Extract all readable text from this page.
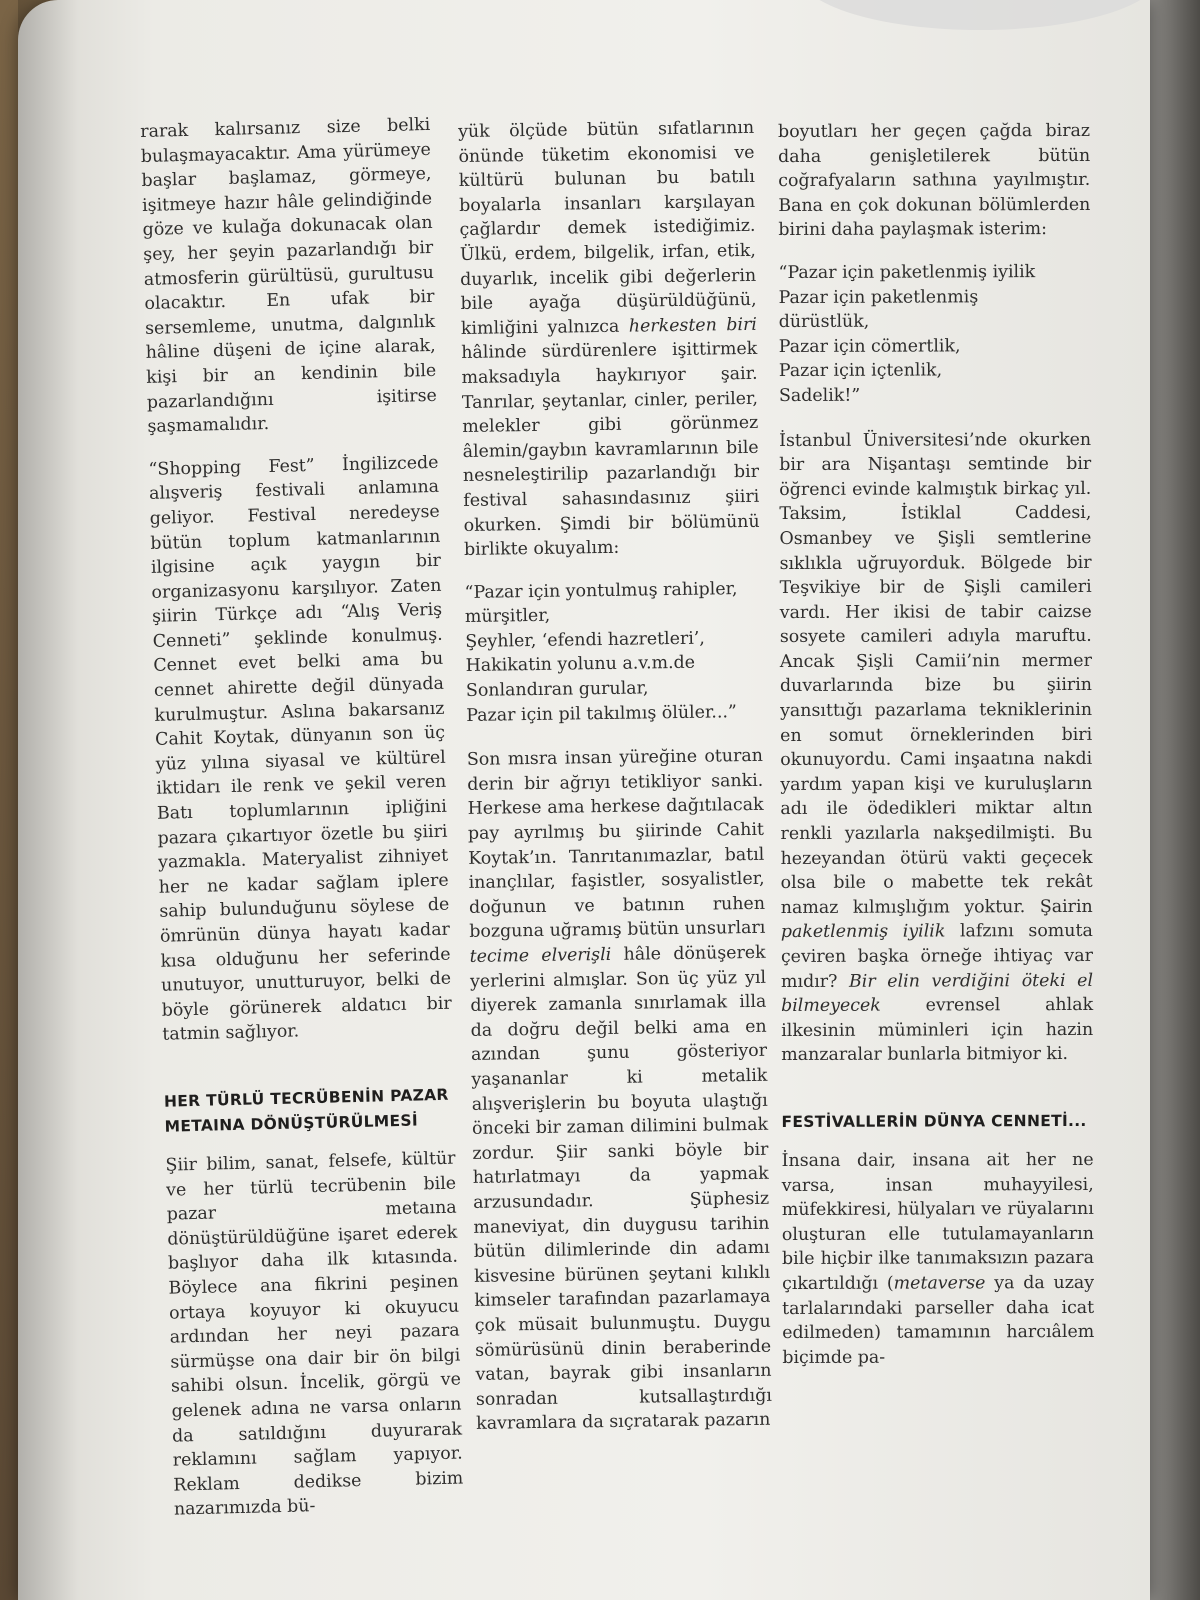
rarak kalırsanız size belki bulaşmayacaktır. Ama yürümeye başlar başlamaz, görmeye, işitmeye hazır hâle gelindiğinde göze ve kulağa dokunacak olan şey, her şeyin pazarlandığı bir atmosferin gürültüsü, gurultusu olacaktır. En ufak bir sersemleme, unutma, dalgınlık hâline düşeni de içine alarak, kişi bir an kendinin bile pazarlandığını işitirse şaşmamalıdır.

“Shopping Fest” İngilizcede alışveriş festivali anlamına geliyor. Festival neredeyse bütün toplum katmanlarının ilgisine açık yaygın bir organizasyonu karşılıyor. Zaten şiirin Türkçe adı “Alış Veriş Cenneti” şeklinde konulmuş. Cennet evet belki ama bu cennet ahirette değil dünyada kurulmuştur. Aslına bakarsanız Cahit Koytak, dünyanın son üç yüz yılına siyasal ve kültürel iktidarı ile renk ve şekil veren Batı toplumlarının ipliğini pazara çıkartıyor özetle bu şiiri yazmakla. Materyalist zihniyet her ne kadar sağlam iplere sahip bulunduğunu söylese de ömrünün dünya hayatı kadar kısa olduğunu her seferinde unutuyor, unutturuyor, belki de böyle görünerek aldatıcı bir tatmin sağlıyor.

HER TÜRLÜ TECRÜBENİN PAZAR METAINA DÖNÜŞTÜRÜLMESİ

Şiir bilim, sanat, felsefe, kültür ve her türlü tecrübenin bile pazar metaına dönüştürüldüğüne işaret ederek başlıyor daha ilk kıtasında. Böylece ana fikrini peşinen ortaya koyuyor ki okuyucu ardından her neyi pazara sürmüşse ona dair bir ön bilgi sahibi olsun. İncelik, görgü ve gelenek adına ne varsa onların da satıldığını duyurarak reklamını sağlam yapıyor. Reklam dedikse bizim nazarımızda bü-

yük ölçüde bütün sıfatlarının önünde tüketim ekonomisi ve kültürü bulunan bu batılı boyalarla insanları karşılayan çağlardır demek istediğimiz. Ülkü, erdem, bilgelik, irfan, etik, duyarlık, incelik gibi değerlerin bile ayağa düşürüldüğünü, kimliğini yalnızca herkesten biri hâlinde sürdürenlere işittirmek maksadıyla haykırıyor şair. Tanrılar, şeytanlar, cinler, periler, melekler gibi görünmez âlemin/gaybın kavramlarının bile nesneleştirilip pazarlandığı bir festival sahasındasınız şiiri okurken. Şimdi bir bölümünü birlikte okuyalım:

“Pazar için yontulmuş rahipler, mürşitler,
Şeyhler, ‘efendi hazretleri’,
Hakikatin yolunu a.v.m.de
Sonlandıran gurular,
Pazar için pil takılmış ölüler...”

Son mısra insan yüreğine oturan derin bir ağrıyı tetikliyor sanki. Herkese ama herkese dağıtılacak pay ayrılmış bu şiirinde Cahit Koytak’ın. Tanrıtanımazlar, batıl inançlılar, faşistler, sosyalistler, doğunun ve batının ruhen bozguna uğramış bütün unsurları tecime elverişli hâle dönüşerek yerlerini almışlar. Son üç yüz yıl diyerek zamanla sınırlamak illa da doğru değil belki ama en azından şunu gösteriyor yaşananlar ki metalik alışverişlerin bu boyuta ulaştığı önceki bir zaman dilimini bulmak zordur. Şiir sanki böyle bir hatırlatmayı da yapmak arzusundadır. Şüphesiz maneviyat, din duygusu tarihin bütün dilimlerinde din adamı kisvesine bürünen şeytani kılıklı kimseler tarafından pazarlamaya çok müsait bulunmuştu. Duygu sömürüsünü dinin beraberinde vatan, bayrak gibi insanların sonradan kutsallaştırdığı kavramlara da sıçratarak pazarın

boyutları her geçen çağda biraz daha genişletilerek bütün coğrafyaların sathına yayılmıştır. Bana en çok dokunan bölümlerden birini daha paylaşmak isterim:

“Pazar için paketlenmiş iyilik
Pazar için paketlenmiş
dürüstlük,
Pazar için cömertlik,
Pazar için içtenlik,
Sadelik!”

İstanbul Üniversitesi’nde okurken bir ara Nişantaşı semtinde bir öğrenci evinde kalmıştık birkaç yıl. Taksim, İstiklal Caddesi, Osmanbey ve Şişli semtlerine sıklıkla uğruyorduk. Bölgede bir Teşvikiye bir de Şişli camileri vardı. Her ikisi de tabir caizse sosyete camileri adıyla maruftu. Ancak Şişli Camii’nin mermer duvarlarında bize bu şiirin yansıttığı pazarlama tekniklerinin en somut örneklerinden biri okunuyordu. Cami inşaatına nakdi yardım yapan kişi ve kuruluşların adı ile ödedikleri miktar altın renkli yazılarla nakşedilmişti. Bu hezeyandan ötürü vakti geçecek olsa bile o mabette tek rekât namaz kılmışlığım yoktur. Şairin paketlenmiş iyilik lafzını somuta çeviren başka örneğe ihtiyaç var mıdır? Bir elin verdiğini öteki el bilmeyecek evrensel ahlak ilkesinin müminleri için hazin manzaralar bunlarla bitmiyor ki.

FESTİVALLERİN DÜNYA CENNETİ...

İnsana dair, insana ait her ne varsa, insan muhayyilesi, müfekkiresi, hülyaları ve rüyalarını oluşturan elle tutulamayanların bile hiçbir ilke tanımaksızın pazara çıkartıldığı (metaverse ya da uzay tarlalarındaki parseller daha icat edilmeden) tamamının harcıâlem biçimde pa-
